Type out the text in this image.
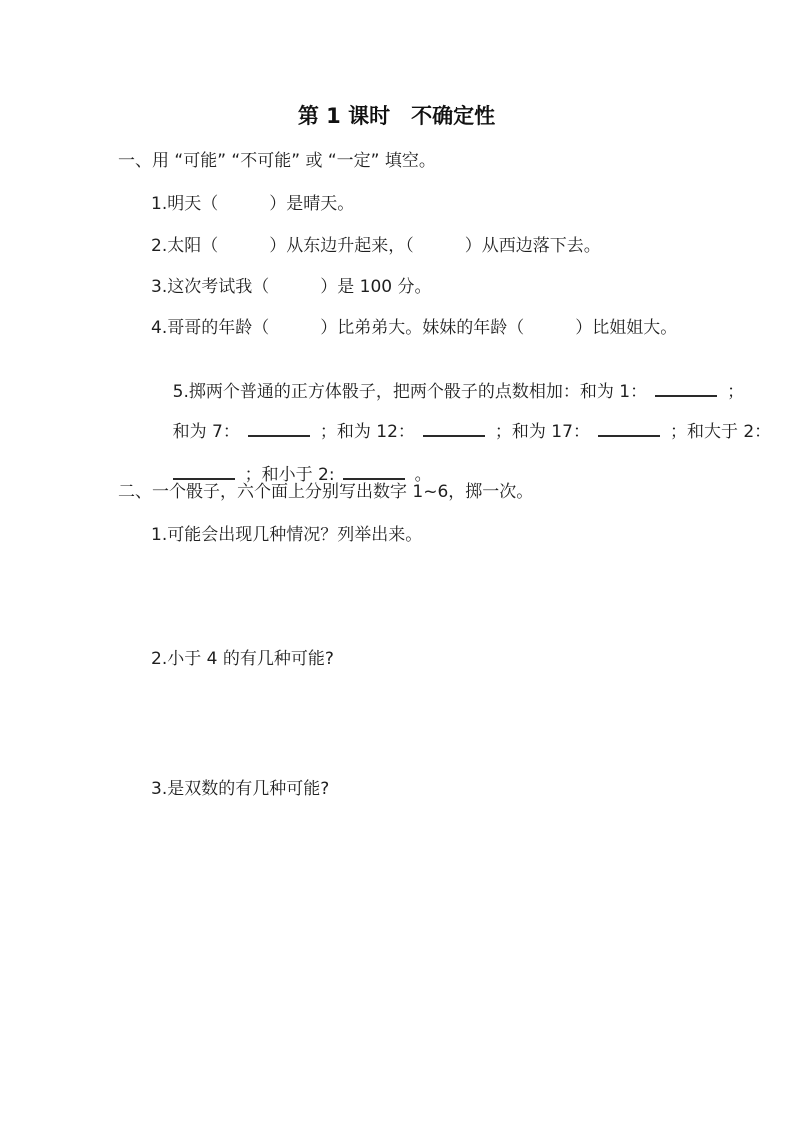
第 1 课时　不确定性
一、用 “可能” “不可能” 或 “一定” 填空。
1.明天（　　　）是晴天。
2.太阳（　　　）从东边升起来，（　　　）从西边落下去。
3.这次考试我（　　　）是 100 分。
4.哥哥的年龄（　　　）比弟弟大。妹妹的年龄（　　　）比姐姐大。

5.掷两个普通的正方体骰子，把两个骰子的点数相加：和为 1：	；

和为 7：	；和为 12：	；和为 17：	；和大于 2：

；和小于 2:	。

二、一个骰子，六个面上分别写出数字 1~6，掷一次。
1.可能会出现几种情况？列举出来。
2.小于 4 的有几种可能?
3.是双数的有几种可能?
